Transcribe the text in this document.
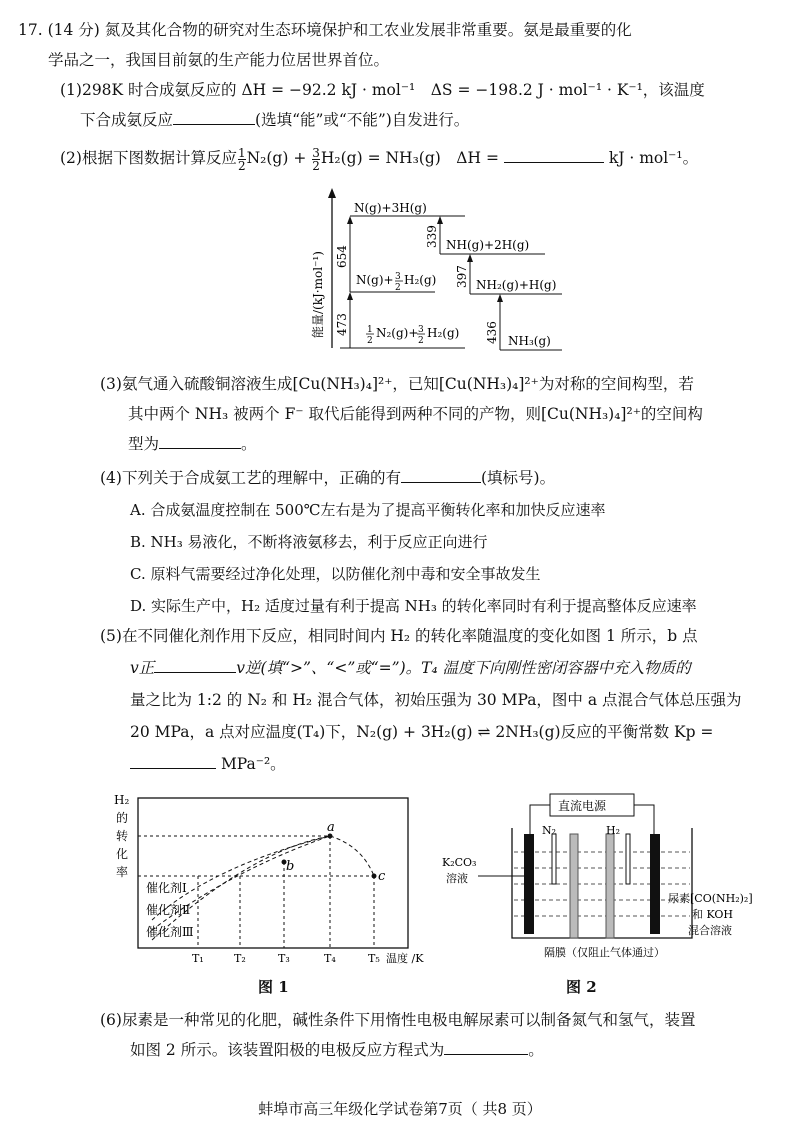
17. (14 分) 氮及其化合物的研究对生态环境保护和工农业发展非常重要。氨是最重要的化
学品之一，我国目前氨的生产能力位居世界首位。
(1)298K 时合成氨反应的 ΔH = −92.2 kJ · mol⁻¹　ΔS = −198.2 J · mol⁻¹ · K⁻¹，该温度
下合成氨反应	(选填“能”或“不能”)自发进行。
(2)根据下图数据计算反应 $\frac{1}{2} N_2(g) + \frac{3}{2} H_2(g) = NH_3(g)$　ΔH =	kJ · mol⁻¹。
能量/(kJ·mol⁻¹)
N(g)+3H(g)
N(g)+ 3
2
H₂(g)
1
2
N₂(g)+ 3
2
H₂(g)
NH(g)+2H(g)
NH₂(g)+H(g)
NH₃(g)
654
473
339
397
436
(3)氨气通入硫酸铜溶液生成[Cu(NH₃)₄]²⁺，已知[Cu(NH₃)₄]²⁺为对称的空间构型，若
其中两个 NH₃ 被两个 F⁻ 取代后能得到两种不同的产物，则[Cu(NH₃)₄]²⁺的空间构
型为	。
(4)下列关于合成氨工艺的理解中，正确的有	(填标号)。
A. 合成氨温度控制在 500℃左右是为了提高平衡转化率和加快反应速率
B. NH₃ 易液化，不断将液氨移去，利于反应正向进行
C. 原料气需要经过净化处理，以防催化剂中毒和安全事故发生
D. 实际生产中，H₂ 适度过量有利于提高 NH₃ 的转化率同时有利于提高整体反应速率
(5)在不同催化剂作用下反应，相同时间内 H₂ 的转化率随温度的变化如图 1 所示，b 点
v正	v逆(填“>”、“<”或“=”)。T₄ 温度下向刚性密闭容器中充入物质的
量之比为 1:2 的 N₂ 和 H₂ 混合气体，初始压强为 30 MPa，图中 a 点混合气体总压强为
20 MPa，a 点对应温度(T₄)下，N₂(g) + 3H₂(g) ⇌ 2NH₃(g)反应的平衡常数 Kp =
MPa⁻²。
H₂
的
转
化
率
a
b
c
催化剂Ⅰ
催化剂Ⅱ
催化剂Ⅲ
T₁	T₂	T₃	T₄	T₅ 温度 /K
图 1
直流电源
N₂	H₂
K₂CO₃
溶液
尿素[CO(NH₂)₂]
和 KOH
混合溶液
隔膜（仅阻止气体通过）
图 2
(6)尿素是一种常见的化肥，碱性条件下用惰性电极电解尿素可以制备氮气和氢气，装置
如图 2 所示。该装置阳极的电极反应方程式为	。
蚌埠市高三年级化学试卷第7页（ 共8 页）
